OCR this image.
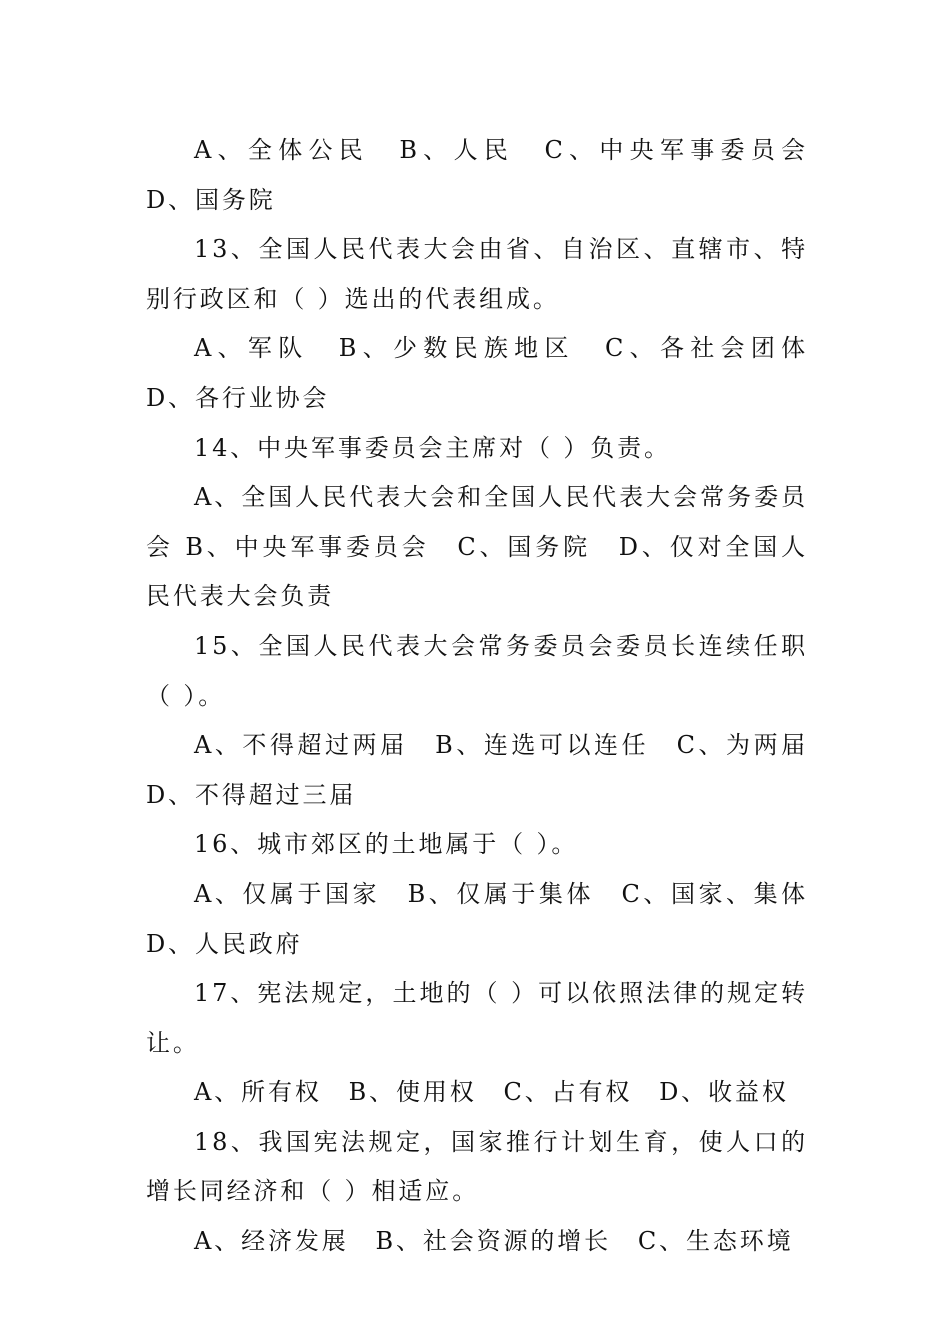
A、全体公民　B、人民　C、中央军事委员会　D、国务院

13、全国人民代表大会由省、自治区、直辖市、特别行政区和（ ）选出的代表组成。

A、军队　B、少数民族地区　C、各社会团体　D、各行业协会

14、中央军事委员会主席对（ ）负责。

A、全国人民代表大会和全国人民代表大会常务委员会 B、中央军事委员会　C、国务院　D、仅对全国人民代表大会负责

15、全国人民代表大会常务委员会委员长连续任职（ ）。

A、不得超过两届　B、连选可以连任　C、为两届 D、不得超过三届

16、城市郊区的土地属于（ ）。

A、仅属于国家　B、仅属于集体　C、国家、集体 D、人民政府

17、宪法规定，土地的（ ）可以依照法律的规定转让。

A、所有权　B、使用权　C、占有权　D、收益权

18、我国宪法规定，国家推行计划生育，使人口的增长同经济和（ ）相适应。

A、经济发展　B、社会资源的增长　C、生态环境
